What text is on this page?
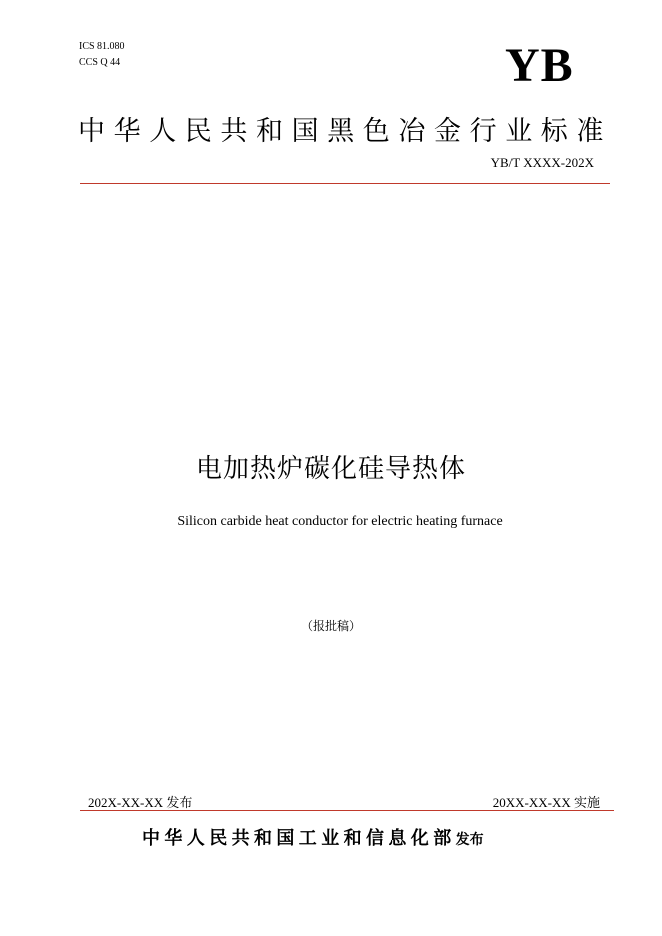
ICS 81.080
CCS Q 44	YB
中华人民共和国黑色冶金行业标准
YB/T XXXX-202X
电加热炉碳化硅导热体
Silicon carbide heat conductor for electric heating furnace
（报批稿）
202X-XX-XX 发布	20XX-XX-XX 实施
中华人民共和国工业和信息化部发布
